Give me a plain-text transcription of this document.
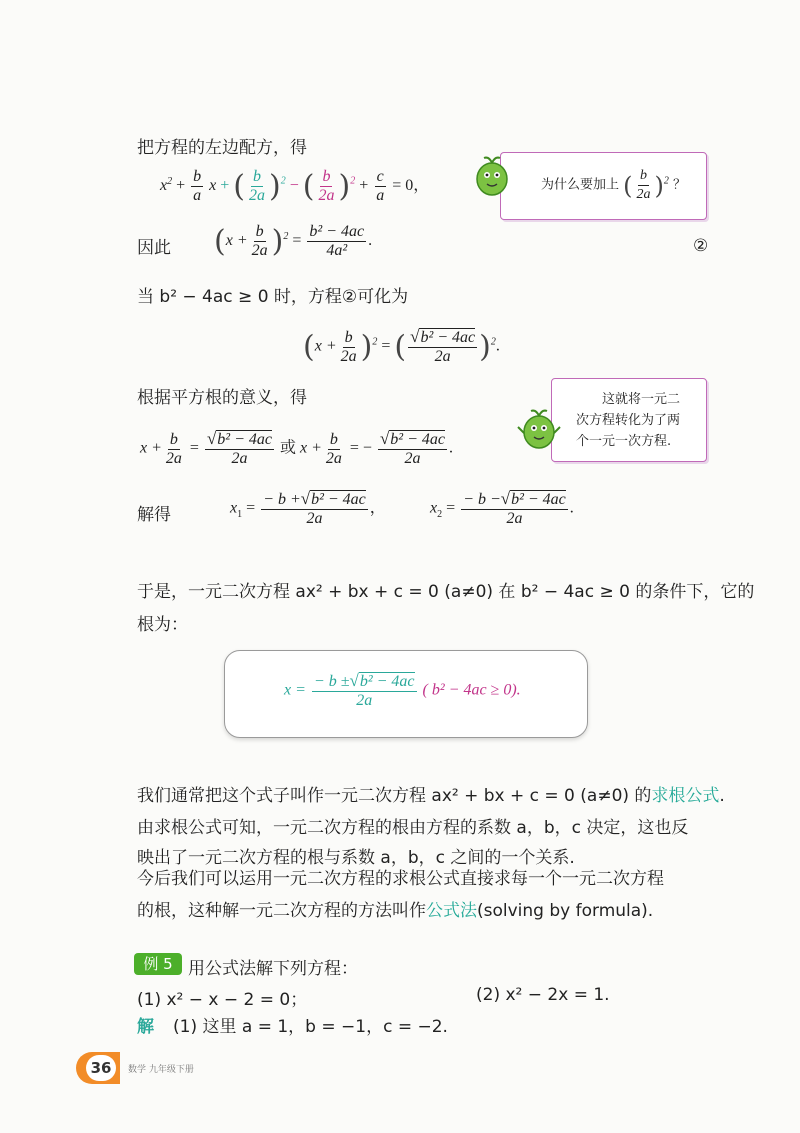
把方程的左边配方，得
$x^2 + \frac{b}{a}$ x + ( $\frac{b}{2a} )^2$ − ( $\frac{b}{2a} )^2 + \frac{c}{a} = 0$，	为什么要加上 ( $\frac{b}{2a} )^2$ ？
因此 $(x + \frac{b}{2a} )^2 = \frac{\text{b² − 4ac}}{\text{4a²}}$ .	②
当 b² − 4ac ≥ 0 时，方程②可化为
$(x + \frac{b}{2a} )^2$ = ( $\frac{\text{√b² − 4ac}}{2a} )^2$.
根据平方根的意义，得	这就将一元二
次方程转化为了两
个一元一次方程.
$x + \frac{b}{2a} = \frac{\text{√b² − 4ac}}{2a}$ 或 $x + \frac{b}{2a}$ = − $\frac{\text{√b² − 4ac}}{2a}$ .
解得	$x_1 = \frac{\text{− b +√b² − 4ac}}{2a}$ ，	$x_2 = \frac{\text{− b −√b² − 4ac}}{2a}$ .
于是，一元二次方程 ax² + bx + c = 0 (a≠0) 在 b² − 4ac ≥ 0 的条件下，它的
根为：
$x = \frac{\text{− b ±√b² − 4ac}}{2a}$ ( b² − 4ac ≥ 0).
我们通常把这个式子叫作一元二次方程 ax² + bx + c = 0 (a≠0) 的求根公式.
由求根公式可知，一元二次方程的根由方程的系数 a，b，c 决定，这也反
映出了一元二次方程的根与系数 a，b，c 之间的一个关系.
今后我们可以运用一元二次方程的求根公式直接求每一个一元二次方程
的根，这种解一元二次方程的方法叫作公式法(solving by formula).
例 5 用公式法解下列方程：
(1) x² − x − 2 = 0；	(2) x² − 2x = 1.
解 (1) 这里 a = 1，b = −1，c = −2.
36	数学 九年级下册
